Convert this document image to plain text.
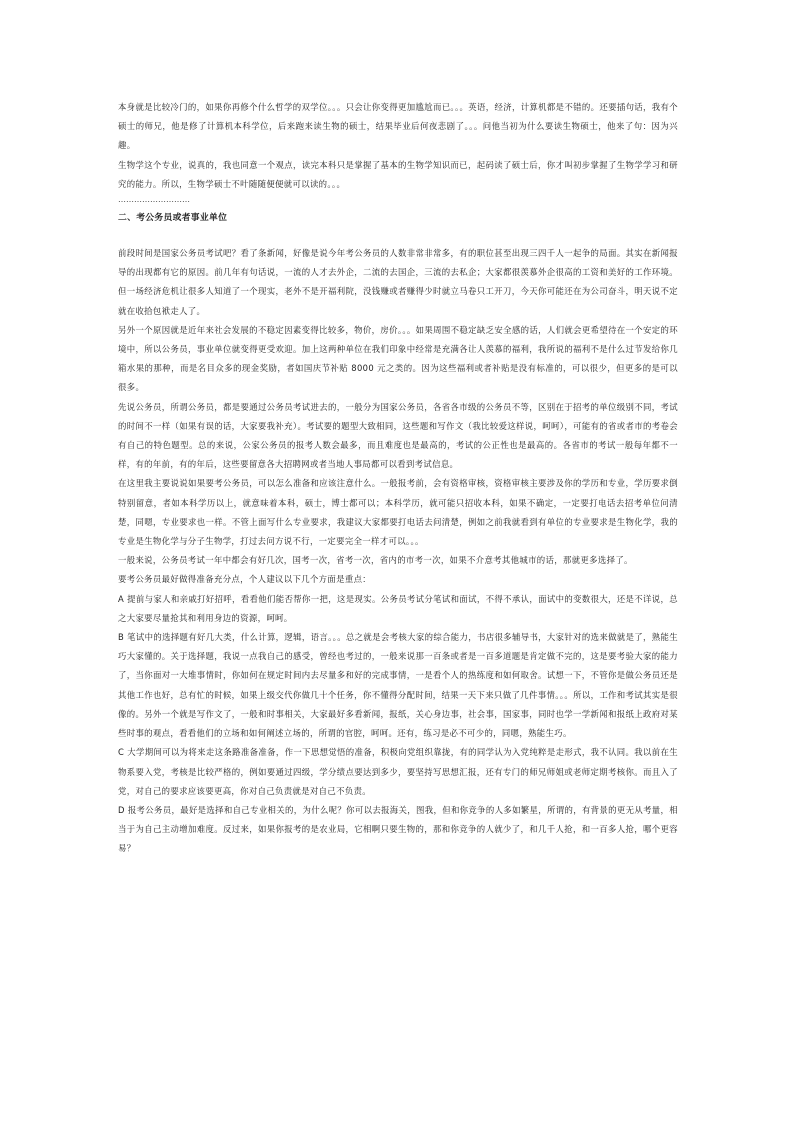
本身就是比较冷门的，如果你再修个什么哲学的双学位。。。只会让你变得更加尴尬而已。。。英语，经济，计算机都是不错的。还要插句话，我有个硕士的师兄，他是修了计算机本科学位，后来跑来读生物的硕士，结果毕业后何夜悲剧了。。。问他当初为什么要读生物硕士，他来了句：因为兴趣。

生物学这个专业，说真的，我也同意一个观点，读完本科只是掌握了基本的生物学知识而已，起码读了硕士后，你才叫初步掌握了生物学学习和研究的能力。所以，生物学硕士不叶随随便便就可以读的。。。

………………………

二、考公务员或者事业单位

前段时间是国家公务员考试吧？看了条新闻，好像是说今年考公务员的人数非常非常多，有的职位甚至出现三四千人一起争的局面。其实在新闻报导的出现都有它的原因。前几年有句话说，一流的人才去外企，二流的去国企，三流的去私企；大家都很羡慕外企很高的工资和美好的工作环境。但一场经济危机让很多人知道了一个现实，老外不是开福利院，没钱赚或者赚得少时就立马卷只工开刀，今天你可能还在为公司奋斗，明天说不定就在收拾包袱走人了。

另外一个原因就是近年来社会发展的不稳定因素变得比较多，物价，房价。。。如果周围不稳定缺乏安全感的话，人们就会更希望待在一个安定的环境中，所以公务员，事业单位就变得更受欢迎。加上这两种单位在我们印象中经常是充满各让人羡慕的福利，我所说的福利不是什么过节发给你几箱水果的那种，而是名目众多的现金奖励，者如国庆节补贴 8000 元之类的。因为这些福利或者补贴是没有标准的，可以很少，但更多的是可以很多。

先说公务员，所谓公务员，都是要通过公务员考试进去的，一般分为国家公务员，各省各市级的公务员不等，区别在于招考的单位级别不同，考试的时间不一样（如果有误的话，大家要我补充）。考试要的题型大致相同，这些题和写作文（我比较爱这样说，呵呵），可能有的省或者市的考卷会有自己的特色题型。总的来说，公家公务员的报考人数会最多，而且难度也是最高的，考试的公正性也是最高的。各省市的考试一般每年都不一样，有的年前，有的年后，这些要留意各大招聘网或者当地人事局都可以看到考试信息。

在这里我主要说说如果要考公务员，可以怎么准备和应该注意什么。一般报考前，会有资格审核，资格审核主要涉及你的学历和专业，学历要求倒特别留意，者如本科学历以上，就意味着本科，硕士，博士都可以；本科学历，就可能只招收本科，如果不确定，一定要打电话去招考单位问清楚，同嗯，专业要求也一样。不管上面写什么专业要求，我建议大家都要打电话去问清楚，例如之前我就看到有单位的专业要求是生物化学，我的专业是生物化学与分子生物学，打过去问方说不行，一定要完全一样才可以。。。

一般来说，公务员考试一年中都会有好几次，国考一次，省考一次，省内的市考一次，如果不介意考其他城市的话，那就更多选择了。

要考公务员最好做得准备充分点，个人建议以下几个方面是重点：

A 提前与家人和亲戚打好招呼，看看他们能否帮你一把，这是现实。公务员考试分笔试和面试，不得不承认，面试中的变数很大，还是不详说，总之大家要尽量抢其和利用身边的资源，呵呵。

B 笔试中的选择题有好几大类，什么计算，逻辑，语言。。。总之就是会考核大家的综合能力，书店很多辅导书，大家针对的选来做就是了，熟能生巧大家懂的。关于选择题，我说一点我自己的感受，曾经也考过的，一般来说那一百条或者是一百多道题是肯定做不完的，这是要考验大家的能力了，当你面对一大堆事情时，你如何在规定时间内去尽量多和好的完成事情，一是看个人的热练度和如何取舍。试想一下，不管你是做公务员还是其他工作也好，总有忙的时候，如果上级交代你做几十个任务，你不懂得分配时间，结果一天下来只做了几件事情。。。所以，工作和考试其实是很像的。另外一个就是写作文了，一般和时事相关，大家最好多看新闻，报纸，关心身边事，社会事，国家事，同时也学一学新闻和报纸上政府对某些时事的观点，看看他们的立场和如何阐述立场的，所谓的官腔，呵呵。还有，练习是必不可少的，同嗯，熟能生巧。

C 大学期间可以为将来走这条路准备准备，作一下思想觉悟的准备，积极向党组织靠拢，有的同学认为入党纯粹是走形式，我不认同。我以前在生物系要入党，考核是比较严格的，例如要通过四级，学分绩点要达到多少，要坚持写思想汇报，还有专门的师兄师姐或老师定期考核你。而且入了党，对自己的要求应该要更高，你对自己负责就是对自己不负责。

D 报考公务员，最好是选择和自己专业相关的，为什么呢？你可以去报海关，图我，但和你竞争的人多如繁星，所谓的，有背景的更无从考量，相当于为自己主动增加难度。反过来，如果你报考的是农业局，它相啊只要生物的，那和你竞争的人就少了，和几千人抢，和一百多人抢，哪个更容易？
